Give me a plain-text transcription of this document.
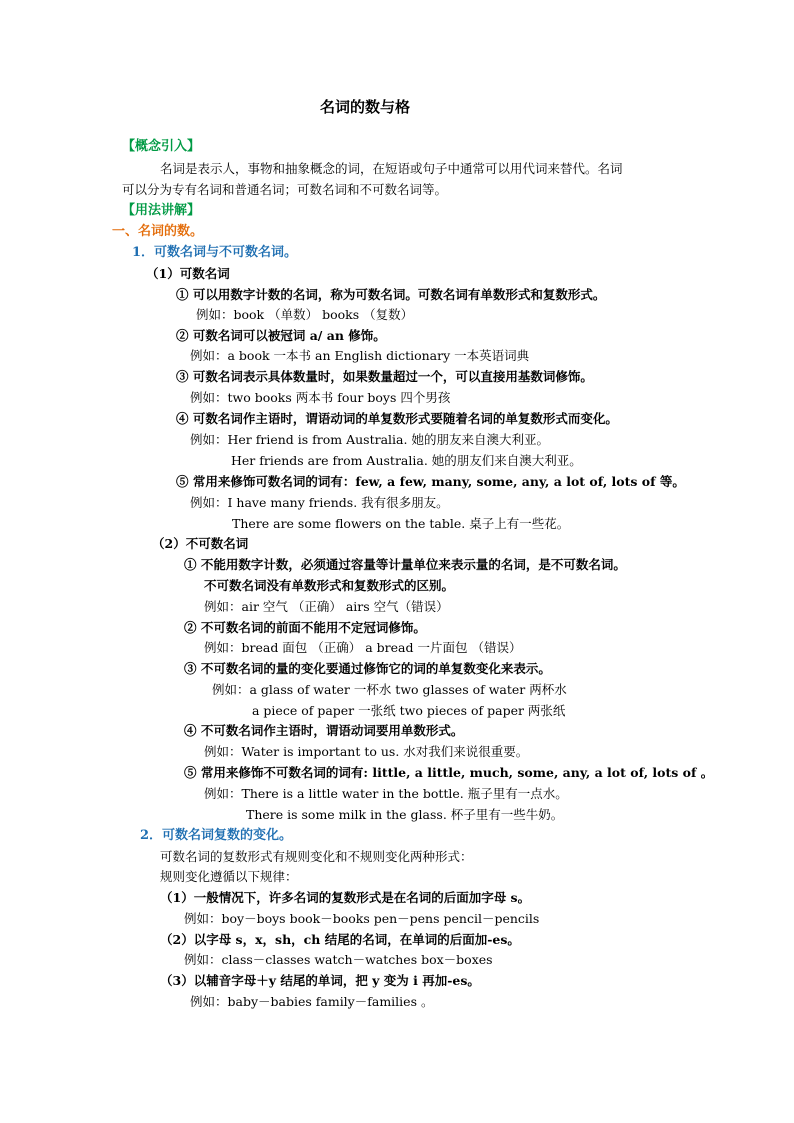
名词的数与格
【概念引入】
名词是表示人，事物和抽象概念的词，在短语或句子中通常可以用代词来替代。名词
可以分为专有名词和普通名词；可数名词和不可数名词等。
【用法讲解】
一、名词的数。
1．可数名词与不可数名词。
（1）可数名词
① 可以用数字计数的名词，称为可数名词。可数名词有单数形式和复数形式。
例如：book （单数） books （复数）
② 可数名词可以被冠词 a/ an 修饰。
例如：a book 一本书 an English dictionary 一本英语词典
③ 可数名词表示具体数量时，如果数量超过一个，可以直接用基数词修饰。
例如：two books 两本书 four boys 四个男孩
④ 可数名词作主语时，谓语动词的单复数形式要随着名词的单复数形式而变化。
例如：Her friend is from Australia. 她的朋友来自澳大利亚。
Her friends are from Australia. 她的朋友们来自澳大利亚。
⑤ 常用来修饰可数名词的词有：few, a few, many, some, any, a lot of, lots of 等。
例如：I have many friends. 我有很多朋友。
There are some flowers on the table. 桌子上有一些花。
（2）不可数名词
① 不能用数字计数，必须通过容量等计量单位来表示量的名词，是不可数名词。
不可数名词没有单数形式和复数形式的区别。
例如：air 空气 （正确） airs 空气（错误）
② 不可数名词的前面不能用不定冠词修饰。
例如：bread 面包 （正确） a bread 一片面包 （错误）
③ 不可数名词的量的变化要通过修饰它的词的单复数变化来表示。
例如：a glass of water 一杯水 two glasses of water 两杯水
a piece of paper 一张纸 two pieces of paper 两张纸
④ 不可数名词作主语时，谓语动词要用单数形式。
例如：Water is important to us. 水对我们来说很重要。
⑤ 常用来修饰不可数名词的词有: little, a little, much, some, any, a lot of, lots of 。
例如：There is a little water in the bottle. 瓶子里有一点水。
There is some milk in the glass. 杯子里有一些牛奶。
2．可数名词复数的变化。
可数名词的复数形式有规则变化和不规则变化两种形式：
规则变化遵循以下规律：
（1）一般情况下，许多名词的复数形式是在名词的后面加字母 s。
例如：boy－boys book－books pen－pens pencil－pencils
（2）以字母 s，x，sh，ch 结尾的名词，在单词的后面加-es。
例如：class－classes watch－watches box－boxes
（3）以辅音字母＋y 结尾的单词，把 y 变为 i 再加-es。
例如：baby－babies family－families 。
